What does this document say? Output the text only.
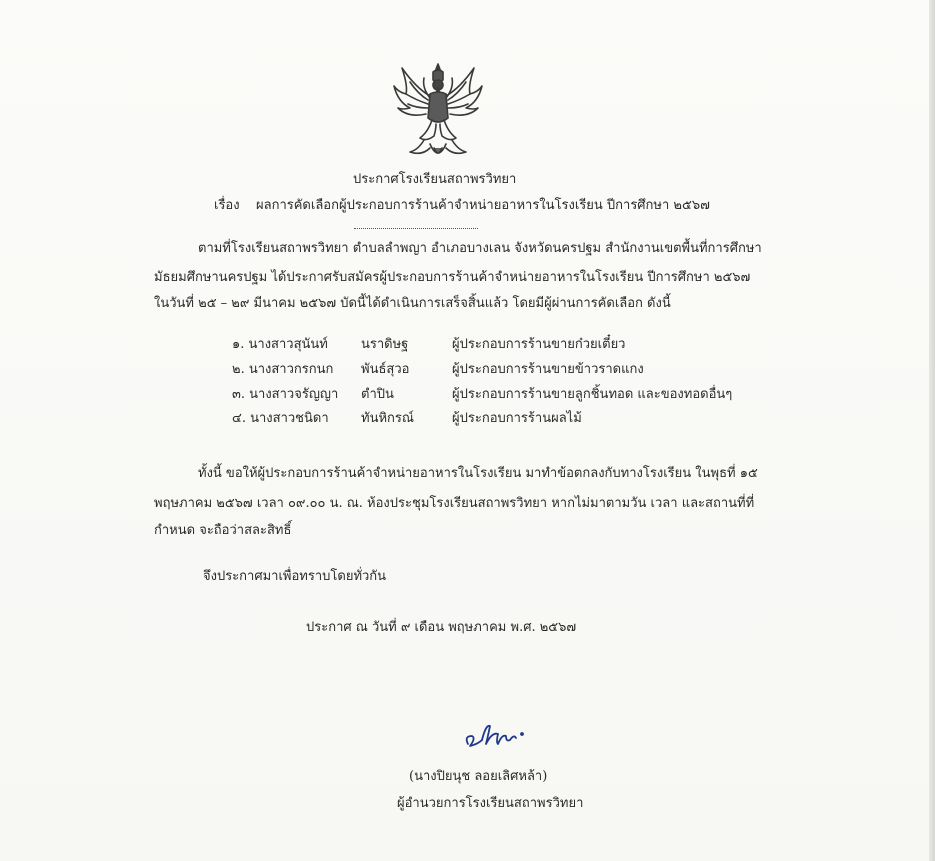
ประกาศโรงเรียนสถาพรวิทยา
เรื่อง ผลการคัดเลือกผู้ประกอบการร้านค้าจำหน่ายอาหารในโรงเรียน ปีการศึกษา ๒๕๖๗
ตามที่โรงเรียนสถาพรวิทยา ตำบลลำพญา อำเภอบางเลน จังหวัดนครปฐม สำนักงานเขตพื้นที่การศึกษา
มัธยมศึกษานครปฐม ได้ประกาศรับสมัครผู้ประกอบการร้านค้าจำหน่ายอาหารในโรงเรียน ปีการศึกษา ๒๕๖๗
ในวันที่ ๒๕ – ๒๙ มีนาคม ๒๕๖๗ บัดนี้ได้ดำเนินการเสร็จสิ้นแล้ว โดยมีผู้ผ่านการคัดเลือก ดังนี้
๑. นางสาวสุนันท์	นราดิษฐ	ผู้ประกอบการร้านขายก๋วยเตี๋ยว
๒. นางสาวกรกนก พันธ์สุวอ	ผู้ประกอบการร้านขายข้าวราดแกง
๓. นางสาวจรัญญา ตำปิน	ผู้ประกอบการร้านขายลูกชิ้นทอด และของทอดอื่นๆ
๔. นางสาวชนิดา ทันหิกรณ์	ผู้ประกอบการร้านผลไม้
ทั้งนี้ ขอให้ผู้ประกอบการร้านค้าจำหน่ายอาหารในโรงเรียน มาทำข้อตกลงกับทางโรงเรียน ในพุธที่ ๑๕
พฤษภาคม ๒๕๖๗ เวลา ๐๙.๐๐ น. ณ. ห้องประชุมโรงเรียนสถาพรวิทยา หากไม่มาตามวัน เวลา และสถานที่ที่
กำหนด จะถือว่าสละสิทธิ์
จึงประกาศมาเพื่อทราบโดยทั่วกัน
ประกาศ ณ วันที่ ๙ เดือน พฤษภาคม พ.ศ. ๒๕๖๗
(นางปิยนุช ลอยเลิศหล้า)
ผู้อำนวยการโรงเรียนสถาพรวิทยา
